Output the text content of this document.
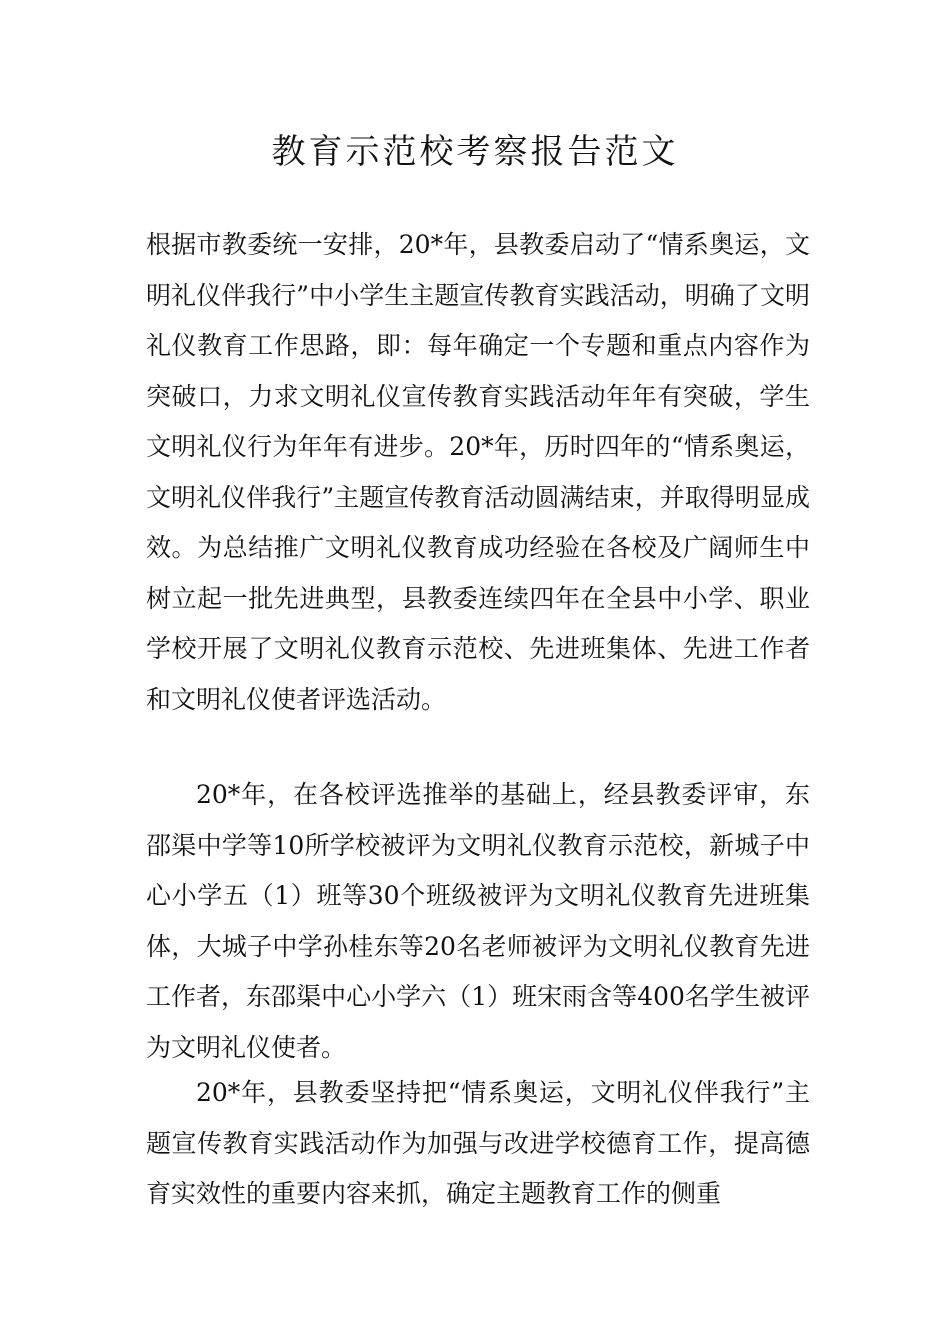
教育示范校考察报告范文

根据市教委统一安排，20*年，县教委启动了“情系奥运，文明礼仪伴我行”中小学生主题宣传教育实践活动，明确了文明礼仪教育工作思路，即：每年确定一个专题和重点内容作为突破口，力求文明礼仪宣传教育实践活动年年有突破，学生文明礼仪行为年年有进步。20*年，历时四年的“情系奥运，文明礼仪伴我行”主题宣传教育活动圆满结束，并取得明显成效。为总结推广文明礼仪教育成功经验在各校及广阔师生中树立起一批先进典型，县教委连续四年在全县中小学、职业学校开展了文明礼仪教育示范校、先进班集体、先进工作者和文明礼仪使者评选活动。

20*年，在各校评选推举的基础上，经县教委评审，东邵渠中学等10所学校被评为文明礼仪教育示范校，新城子中心小学五（1）班等30个班级被评为文明礼仪教育先进班集体，大城子中学孙桂东等20名老师被评为文明礼仪教育先进工作者，东邵渠中心小学六（1）班宋雨含等400名学生被评为文明礼仪使者。

20*年，县教委坚持把“情系奥运，文明礼仪伴我行”主题宣传教育实践活动作为加强与改进学校德育工作，提高德育实效性的重要内容来抓，确定主题教育工作的侧重
